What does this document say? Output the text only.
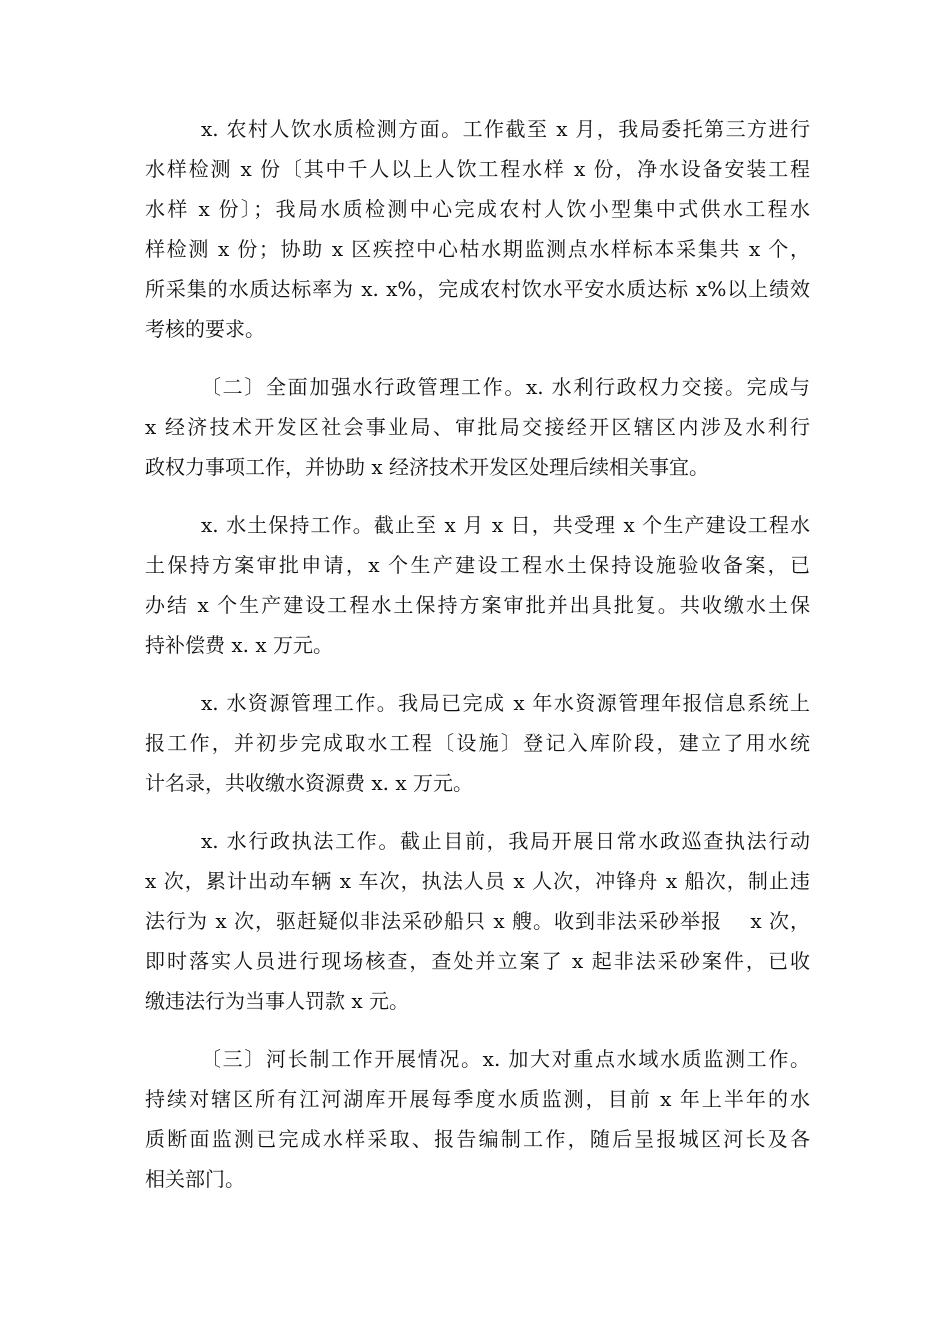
x. 农村人饮水质检测方面。工作截至 x 月，我局委托第三方进行
水样检测 x 份〔其中千人以上人饮工程水样 x 份，净水设备安装工程
水样 x 份〕；我局水质检测中心完成农村人饮小型集中式供水工程水
样检测 x 份；协助 x 区疾控中心枯水期监测点水样标本采集共 x 个，
所采集的水质达标率为 x. x%，完成农村饮水平安水质达标 x%以上绩效
考核的要求。
〔二〕全面加强水行政管理工作。x. 水利行政权力交接。完成与
x 经济技术开发区社会事业局、审批局交接经开区辖区内涉及水利行
政权力事项工作，并协助 x 经济技术开发区处理后续相关事宜。
x. 水土保持工作。截止至 x 月 x 日，共受理 x 个生产建设工程水
土保持方案审批申请，x 个生产建设工程水土保持设施验收备案，已
办结 x 个生产建设工程水土保持方案审批并出具批复。共收缴水土保
持补偿费 x. x 万元。
x. 水资源管理工作。我局已完成 x 年水资源管理年报信息系统上
报工作，并初步完成取水工程〔设施〕登记入库阶段，建立了用水统
计名录，共收缴水资源费 x. x 万元。
x. 水行政执法工作。截止目前，我局开展日常水政巡查执法行动
x 次，累计出动车辆 x 车次，执法人员 x 人次，冲锋舟 x 船次，制止违
法行为 x 次，驱赶疑似非法采砂船只 x 艘。收到非法采砂举报　 x 次，
即时落实人员进行现场核查，查处并立案了 x 起非法采砂案件，已收
缴违法行为当事人罚款 x 元。
〔三〕河长制工作开展情况。x. 加大对重点水域水质监测工作。
持续对辖区所有江河湖库开展每季度水质监测，目前 x 年上半年的水
质断面监测已完成水样采取、报告编制工作，随后呈报城区河长及各
相关部门。
